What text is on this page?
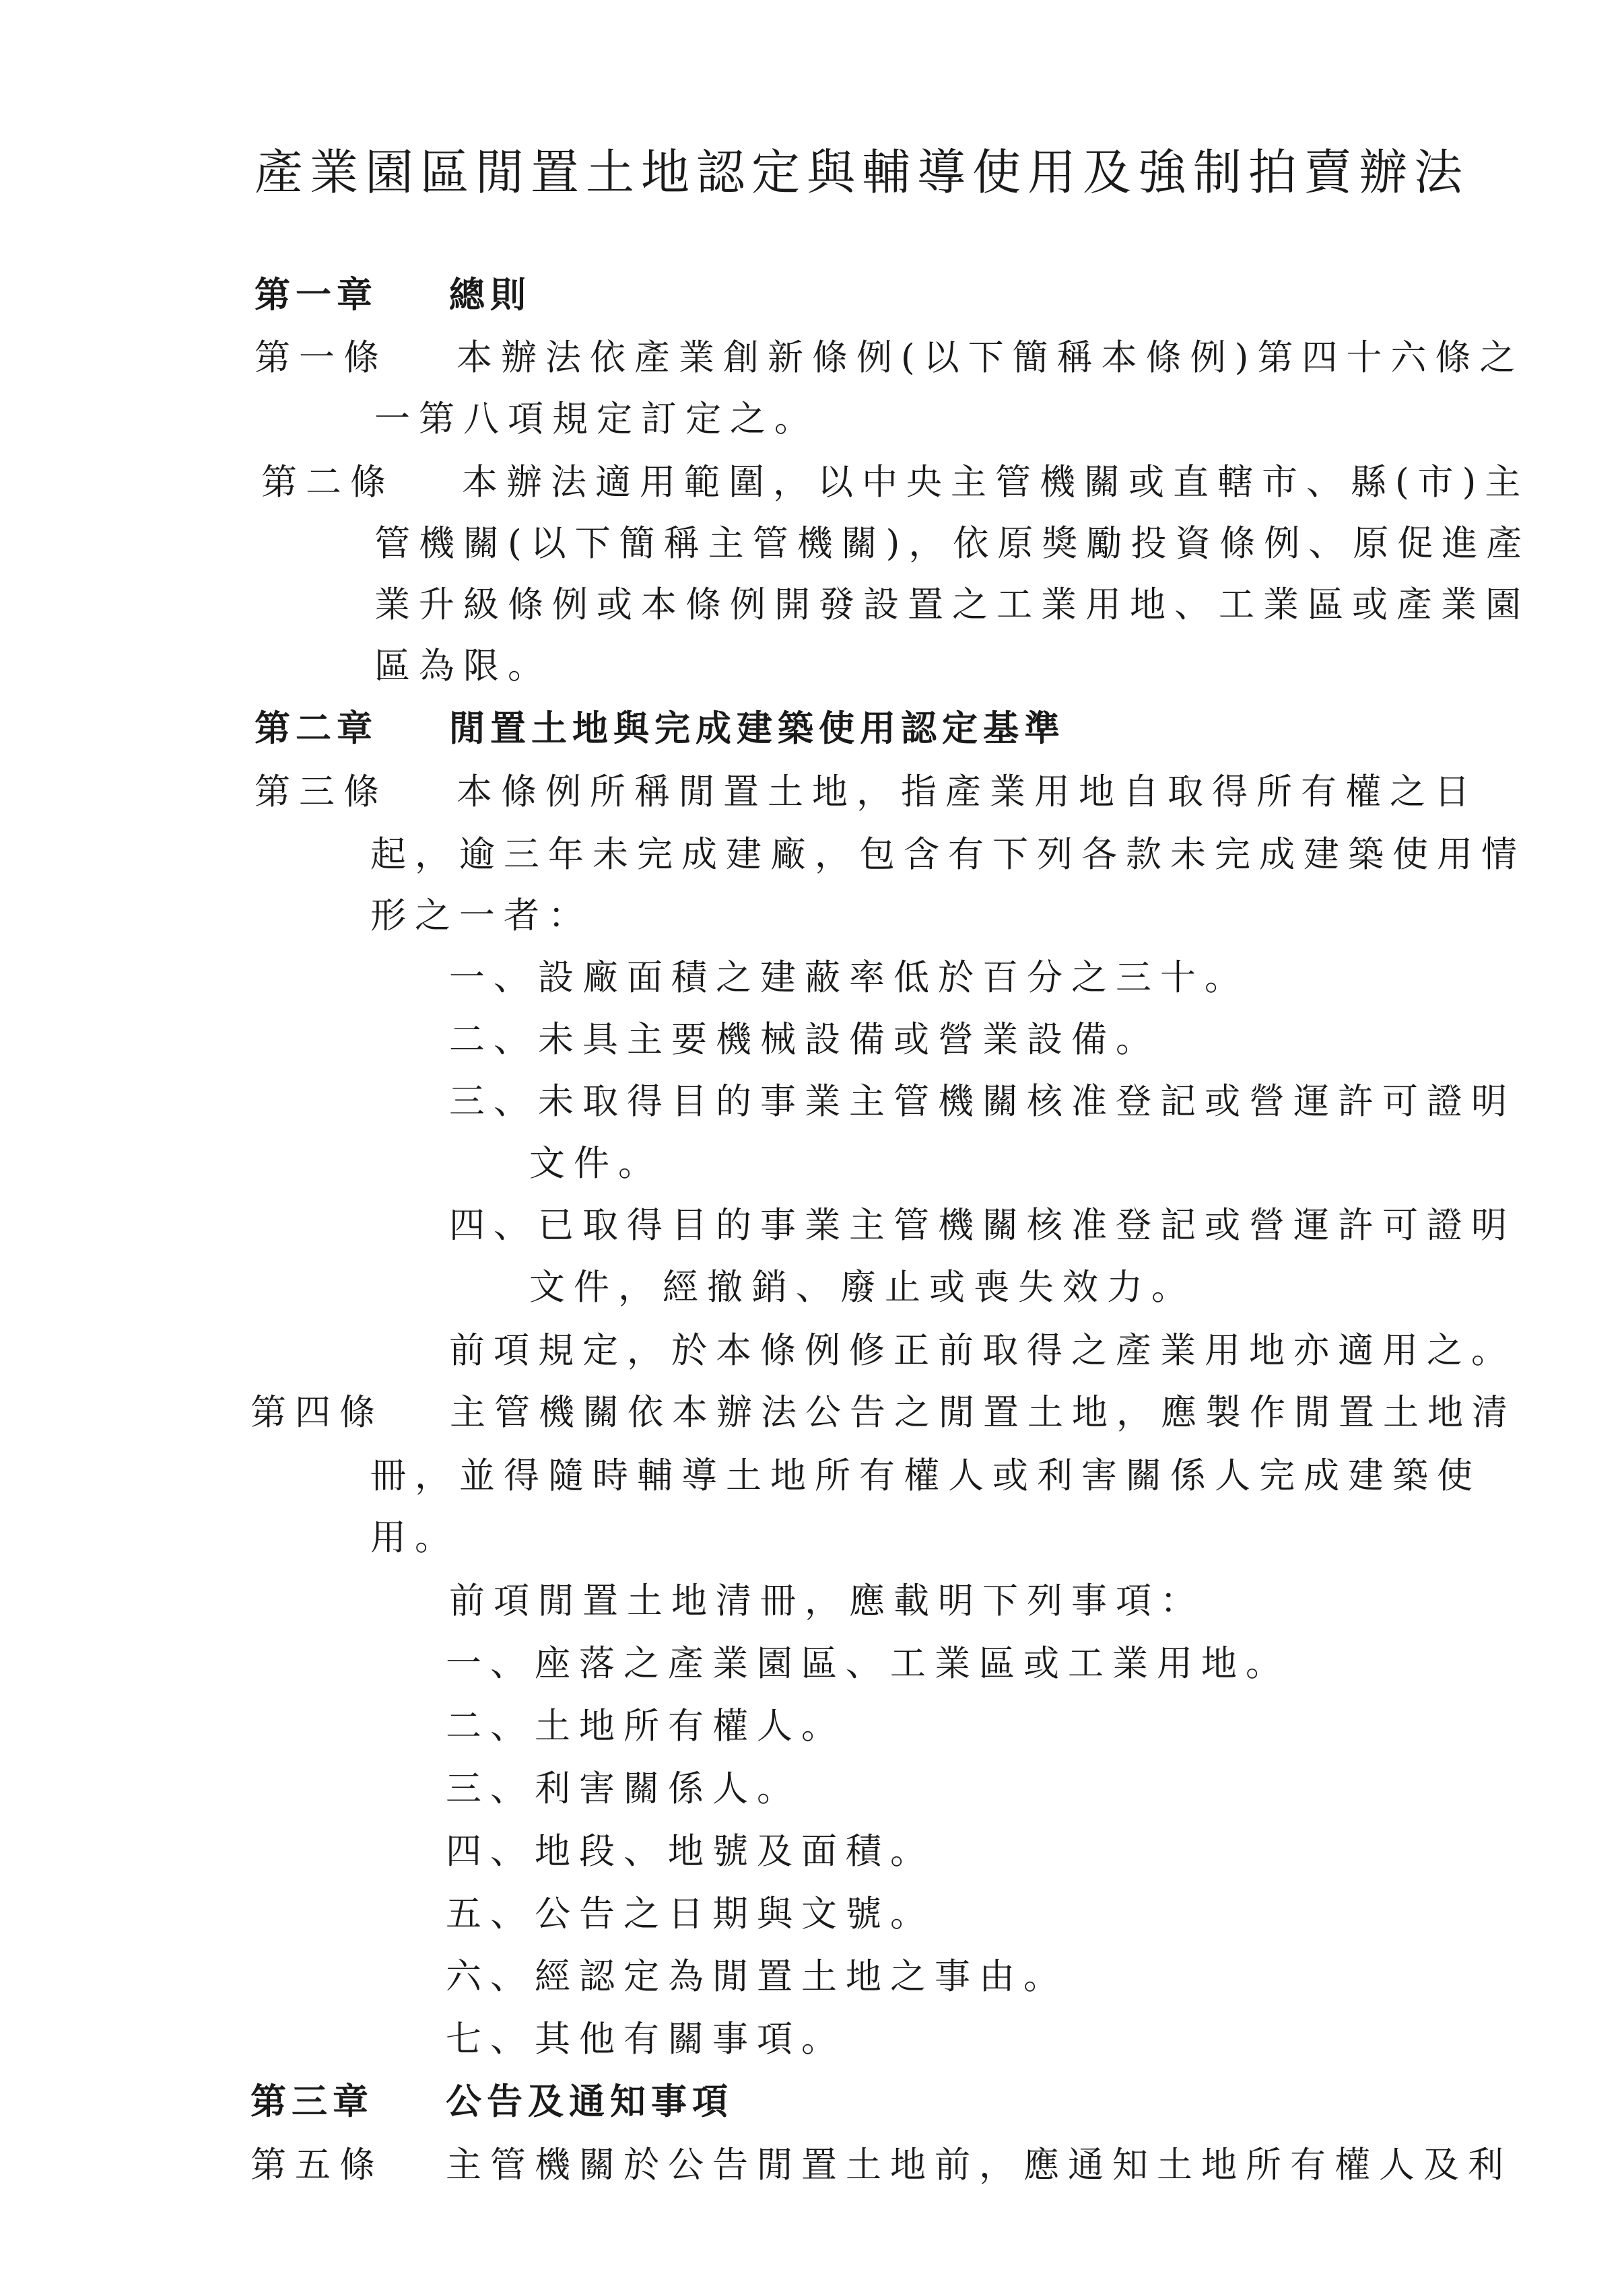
產業園區閒置土地認定與輔導使用及強制拍賣辦法
第一章 總則
第一條 本辦法依產業創新條例(以下簡稱本條例)第四十六條之
一第八項規定訂定之。
第二條 本辦法適用範圍，以中央主管機關或直轄市、縣(市)主
管機關(以下簡稱主管機關)，依原獎勵投資條例、原促進產
業升級條例或本條例開發設置之工業用地、工業區或產業園
區為限。
第二章 閒置土地與完成建築使用認定基準
第三條 本條例所稱閒置土地，指產業用地自取得所有權之日
起，逾三年未完成建廠，包含有下列各款未完成建築使用情
形之一者：
一、設廠面積之建蔽率低於百分之三十。
二、未具主要機械設備或營業設備。
三、未取得目的事業主管機關核准登記或營運許可證明
文件。
四、已取得目的事業主管機關核准登記或營運許可證明
文件，經撤銷、廢止或喪失效力。
前項規定，於本條例修正前取得之產業用地亦適用之。
第四條 主管機關依本辦法公告之閒置土地，應製作閒置土地清
冊，並得隨時輔導土地所有權人或利害關係人完成建築使
用。
前項閒置土地清冊，應載明下列事項：
一、座落之產業園區、工業區或工業用地。
二、土地所有權人。
三、利害關係人。
四、地段、地號及面積。
五、公告之日期與文號。
六、經認定為閒置土地之事由。
七、其他有關事項。
第三章 公告及通知事項
第五條 主管機關於公告閒置土地前，應通知土地所有權人及利
